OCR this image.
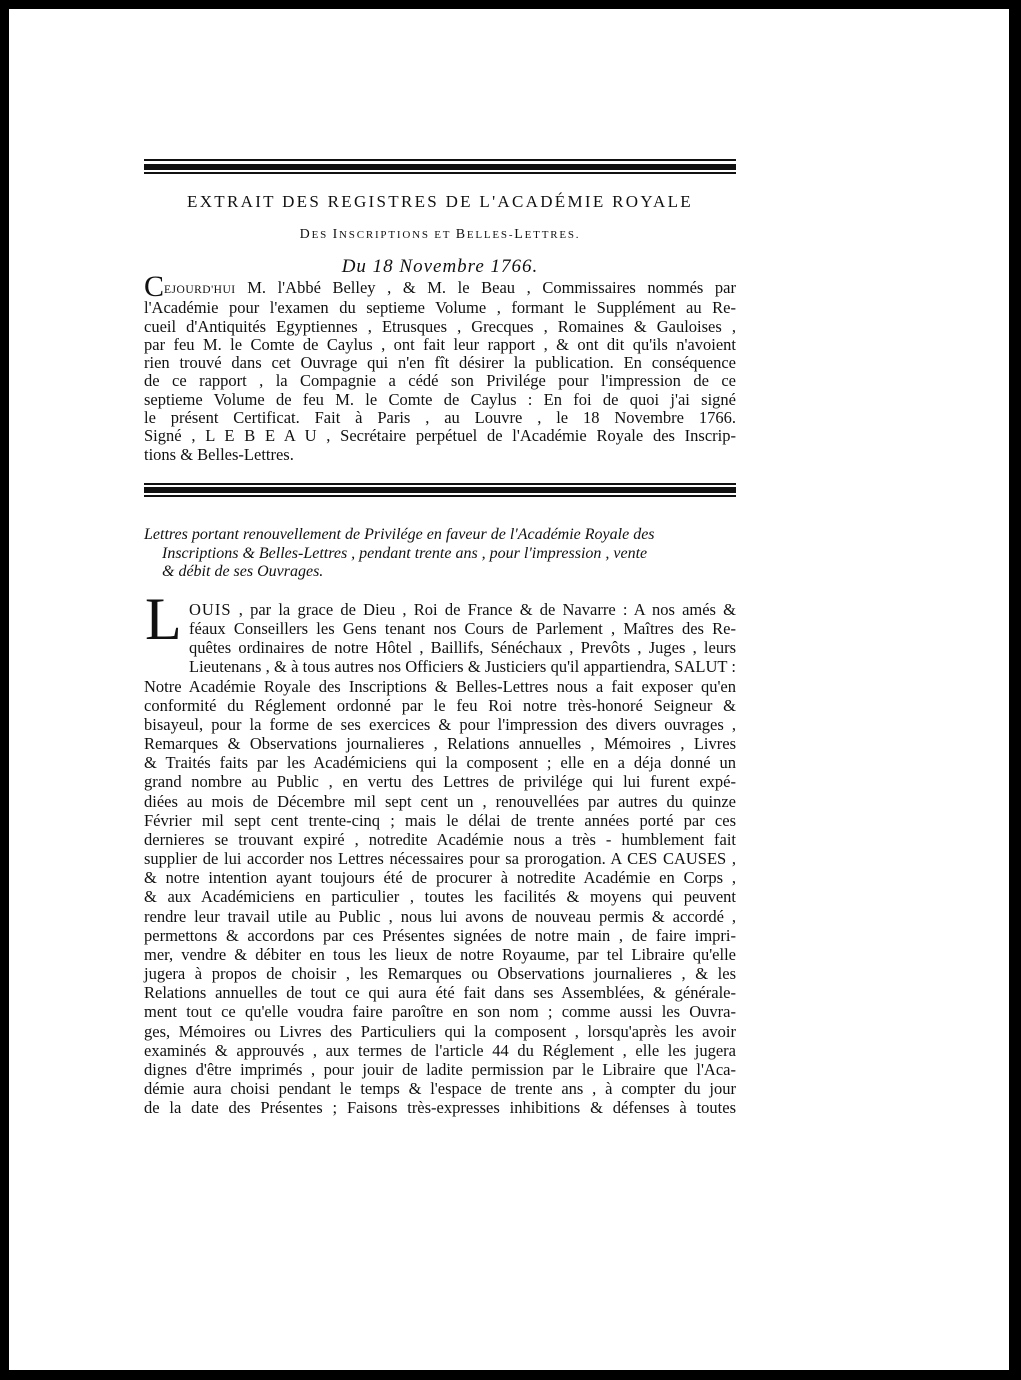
EXTRAIT DES REGISTRES DE L'ACADÉMIE ROYALE
DES INSCRIPTIONS ET BELLES-LETTRES.
Du 18 Novembre 1766.
CEJOURD'HUI M. l'Abbé Belley , & M. le Beau , Commissaires nommés par
l'Académie pour l'examen du septieme Volume , formant le Supplément au Re-
cueil d'Antiquités Egyptiennes , Etrusques , Grecques , Romaines & Gauloises ,
par feu M. le Comte de Caylus , ont fait leur rapport , & ont dit qu'ils n'avoient
rien trouvé dans cet Ouvrage qui n'en fît désirer la publication. En conséquence
de ce rapport , la Compagnie a cédé son Privilége pour l'impression de ce
septieme Volume de feu M. le Comte de Caylus : En foi de quoi j'ai signé
le présent Certificat. Fait à Paris , au Louvre , le 18 Novembre 1766.
Signé , L E B E A U , Secrétaire perpétuel de l'Académie Royale des Inscrip-
tions & Belles-Lettres.
Lettres portant renouvellement de Privilége en faveur de l'Académie Royale des
Inscriptions & Belles-Lettres , pendant trente ans , pour l'impression , vente
& débit de ses Ouvrages.
L OUIS , par la grace de Dieu , Roi de France & de Navarre : A nos amés &
féaux Conseillers les Gens tenant nos Cours de Parlement , Maîtres des Re-
quêtes ordinaires de notre Hôtel , Baillifs, Sénéchaux , Prevôts , Juges , leurs
Lieutenans , & à tous autres nos Officiers & Justiciers qu'il appartiendra, SALUT :
Notre Académie Royale des Inscriptions & Belles-Lettres nous a fait exposer qu'en
conformité du Réglement ordonné par le feu Roi notre très-honoré Seigneur &
bisayeul, pour la forme de ses exercices & pour l'impression des divers ouvrages ,
Remarques & Observations journalieres , Relations annuelles , Mémoires , Livres
& Traités faits par les Académiciens qui la composent ; elle en a déja donné un
grand nombre au Public , en vertu des Lettres de privilége qui lui furent expé-
diées au mois de Décembre mil sept cent un , renouvellées par autres du quinze
Février mil sept cent trente-cinq ; mais le délai de trente années porté par ces
dernieres se trouvant expiré , notredite Académie nous a très - humblement fait
supplier de lui accorder nos Lettres nécessaires pour sa prorogation. A CES CAUSES ,
& notre intention ayant toujours été de procurer à notredite Académie en Corps ,
& aux Académiciens en particulier , toutes les facilités & moyens qui peuvent
rendre leur travail utile au Public , nous lui avons de nouveau permis & accordé ,
permettons & accordons par ces Présentes signées de notre main , de faire impri-
mer, vendre & débiter en tous les lieux de notre Royaume, par tel Libraire qu'elle
jugera à propos de choisir , les Remarques ou Observations journalieres , & les
Relations annuelles de tout ce qui aura été fait dans ses Assemblées, & générale-
ment tout ce qu'elle voudra faire paroître en son nom ; comme aussi les Ouvra-
ges, Mémoires ou Livres des Particuliers qui la composent , lorsqu'après les avoir
examinés & approuvés , aux termes de l'article 44 du Réglement , elle les jugera
dignes d'être imprimés , pour jouir de ladite permission par le Libraire que l'Aca-
démie aura choisi pendant le temps & l'espace de trente ans , à compter du jour
de la date des Présentes ; Faisons très-expresses inhibitions & défenses à toutes
